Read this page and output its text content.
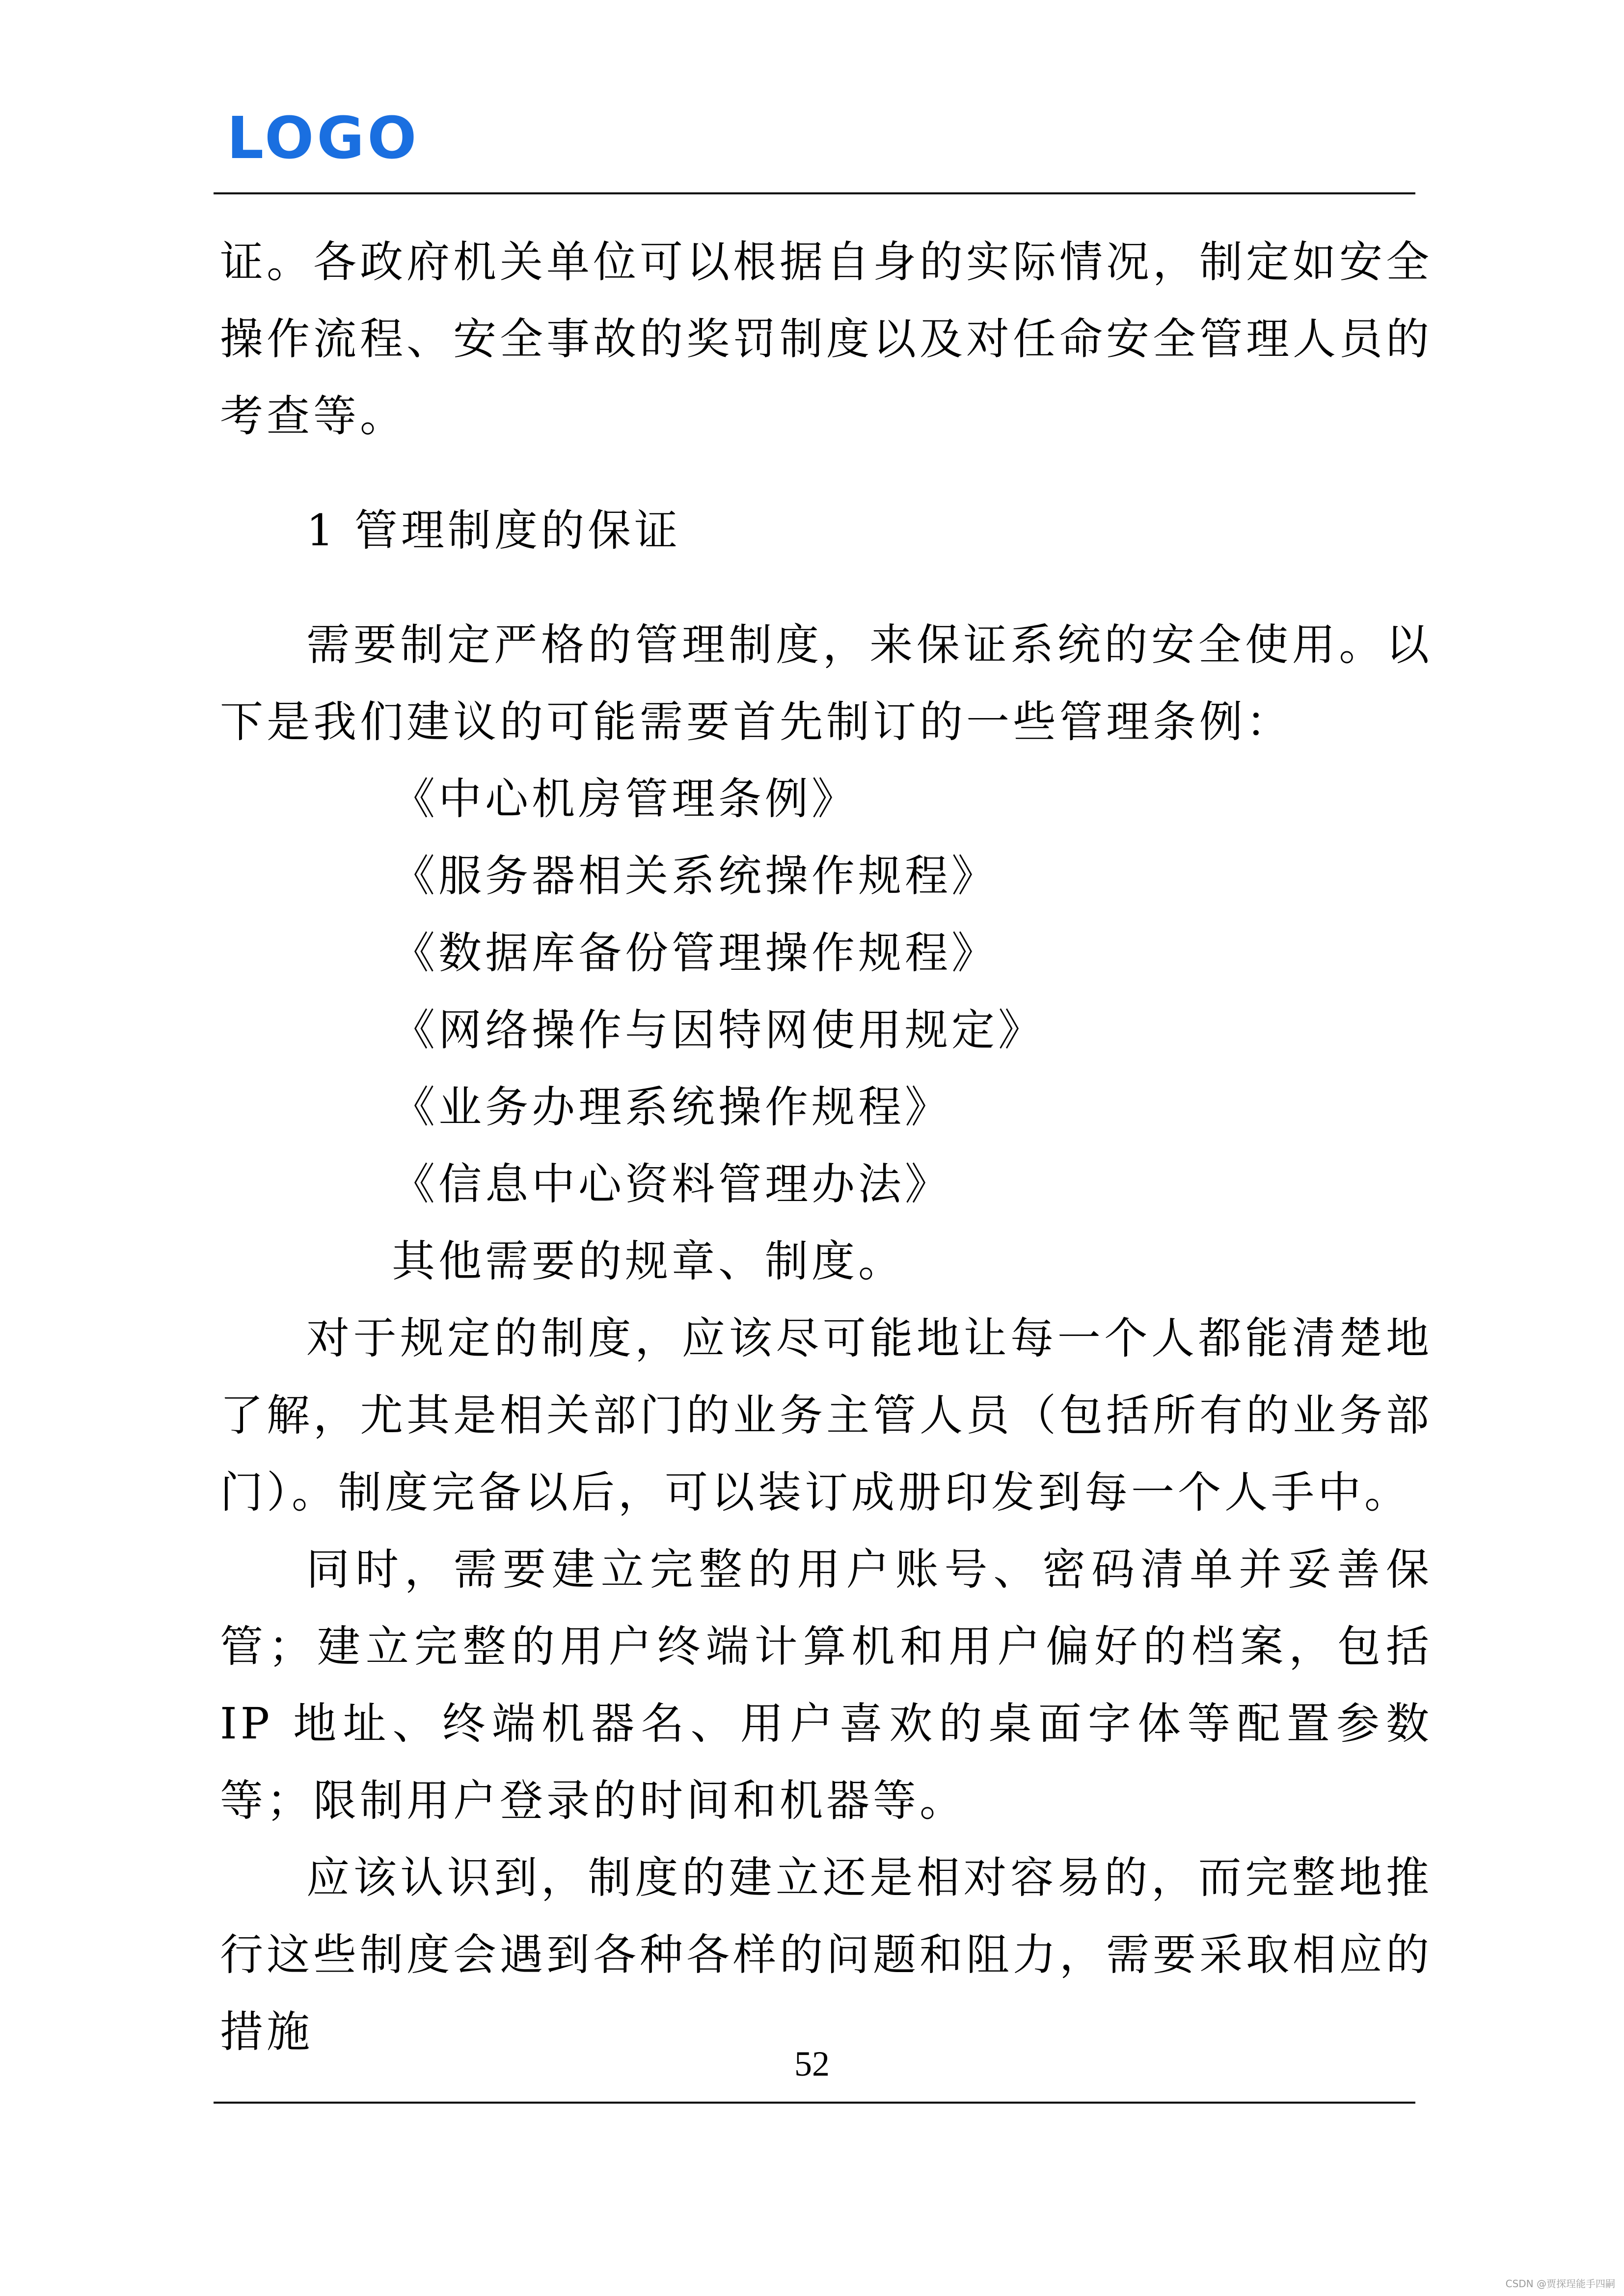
LOGO

证。各政府机关单位可以根据自身的实际情况，制定如安全操作流程、安全事故的奖罚制度以及对任命安全管理人员的考查等。

1 管理制度的保证

需要制定严格的管理制度，来保证系统的安全使用。以下是我们建议的可能需要首先制订的一些管理条例：

《中心机房管理条例》

《服务器相关系统操作规程》

《数据库备份管理操作规程》

《网络操作与因特网使用规定》

《业务办理系统操作规程》

《信息中心资料管理办法》

其他需要的规章、制度。

对于规定的制度，应该尽可能地让每一个人都能清楚地了解，尤其是相关部门的业务主管人员（包括所有的业务部门）。制度完备以后，可以装订成册印发到每一个人手中。

同时，需要建立完整的用户账号、密码清单并妥善保管；建立完整的用户终端计算机和用户偏好的档案，包括 IP 地址、终端机器名、用户喜欢的桌面字体等配置参数等；限制用户登录的时间和机器等。

应该认识到，制度的建立还是相对容易的，而完整地推行这些制度会遇到各种各样的问题和阻力，需要采取相应的措施

52
CSDN @贾探珵能手四嗣
